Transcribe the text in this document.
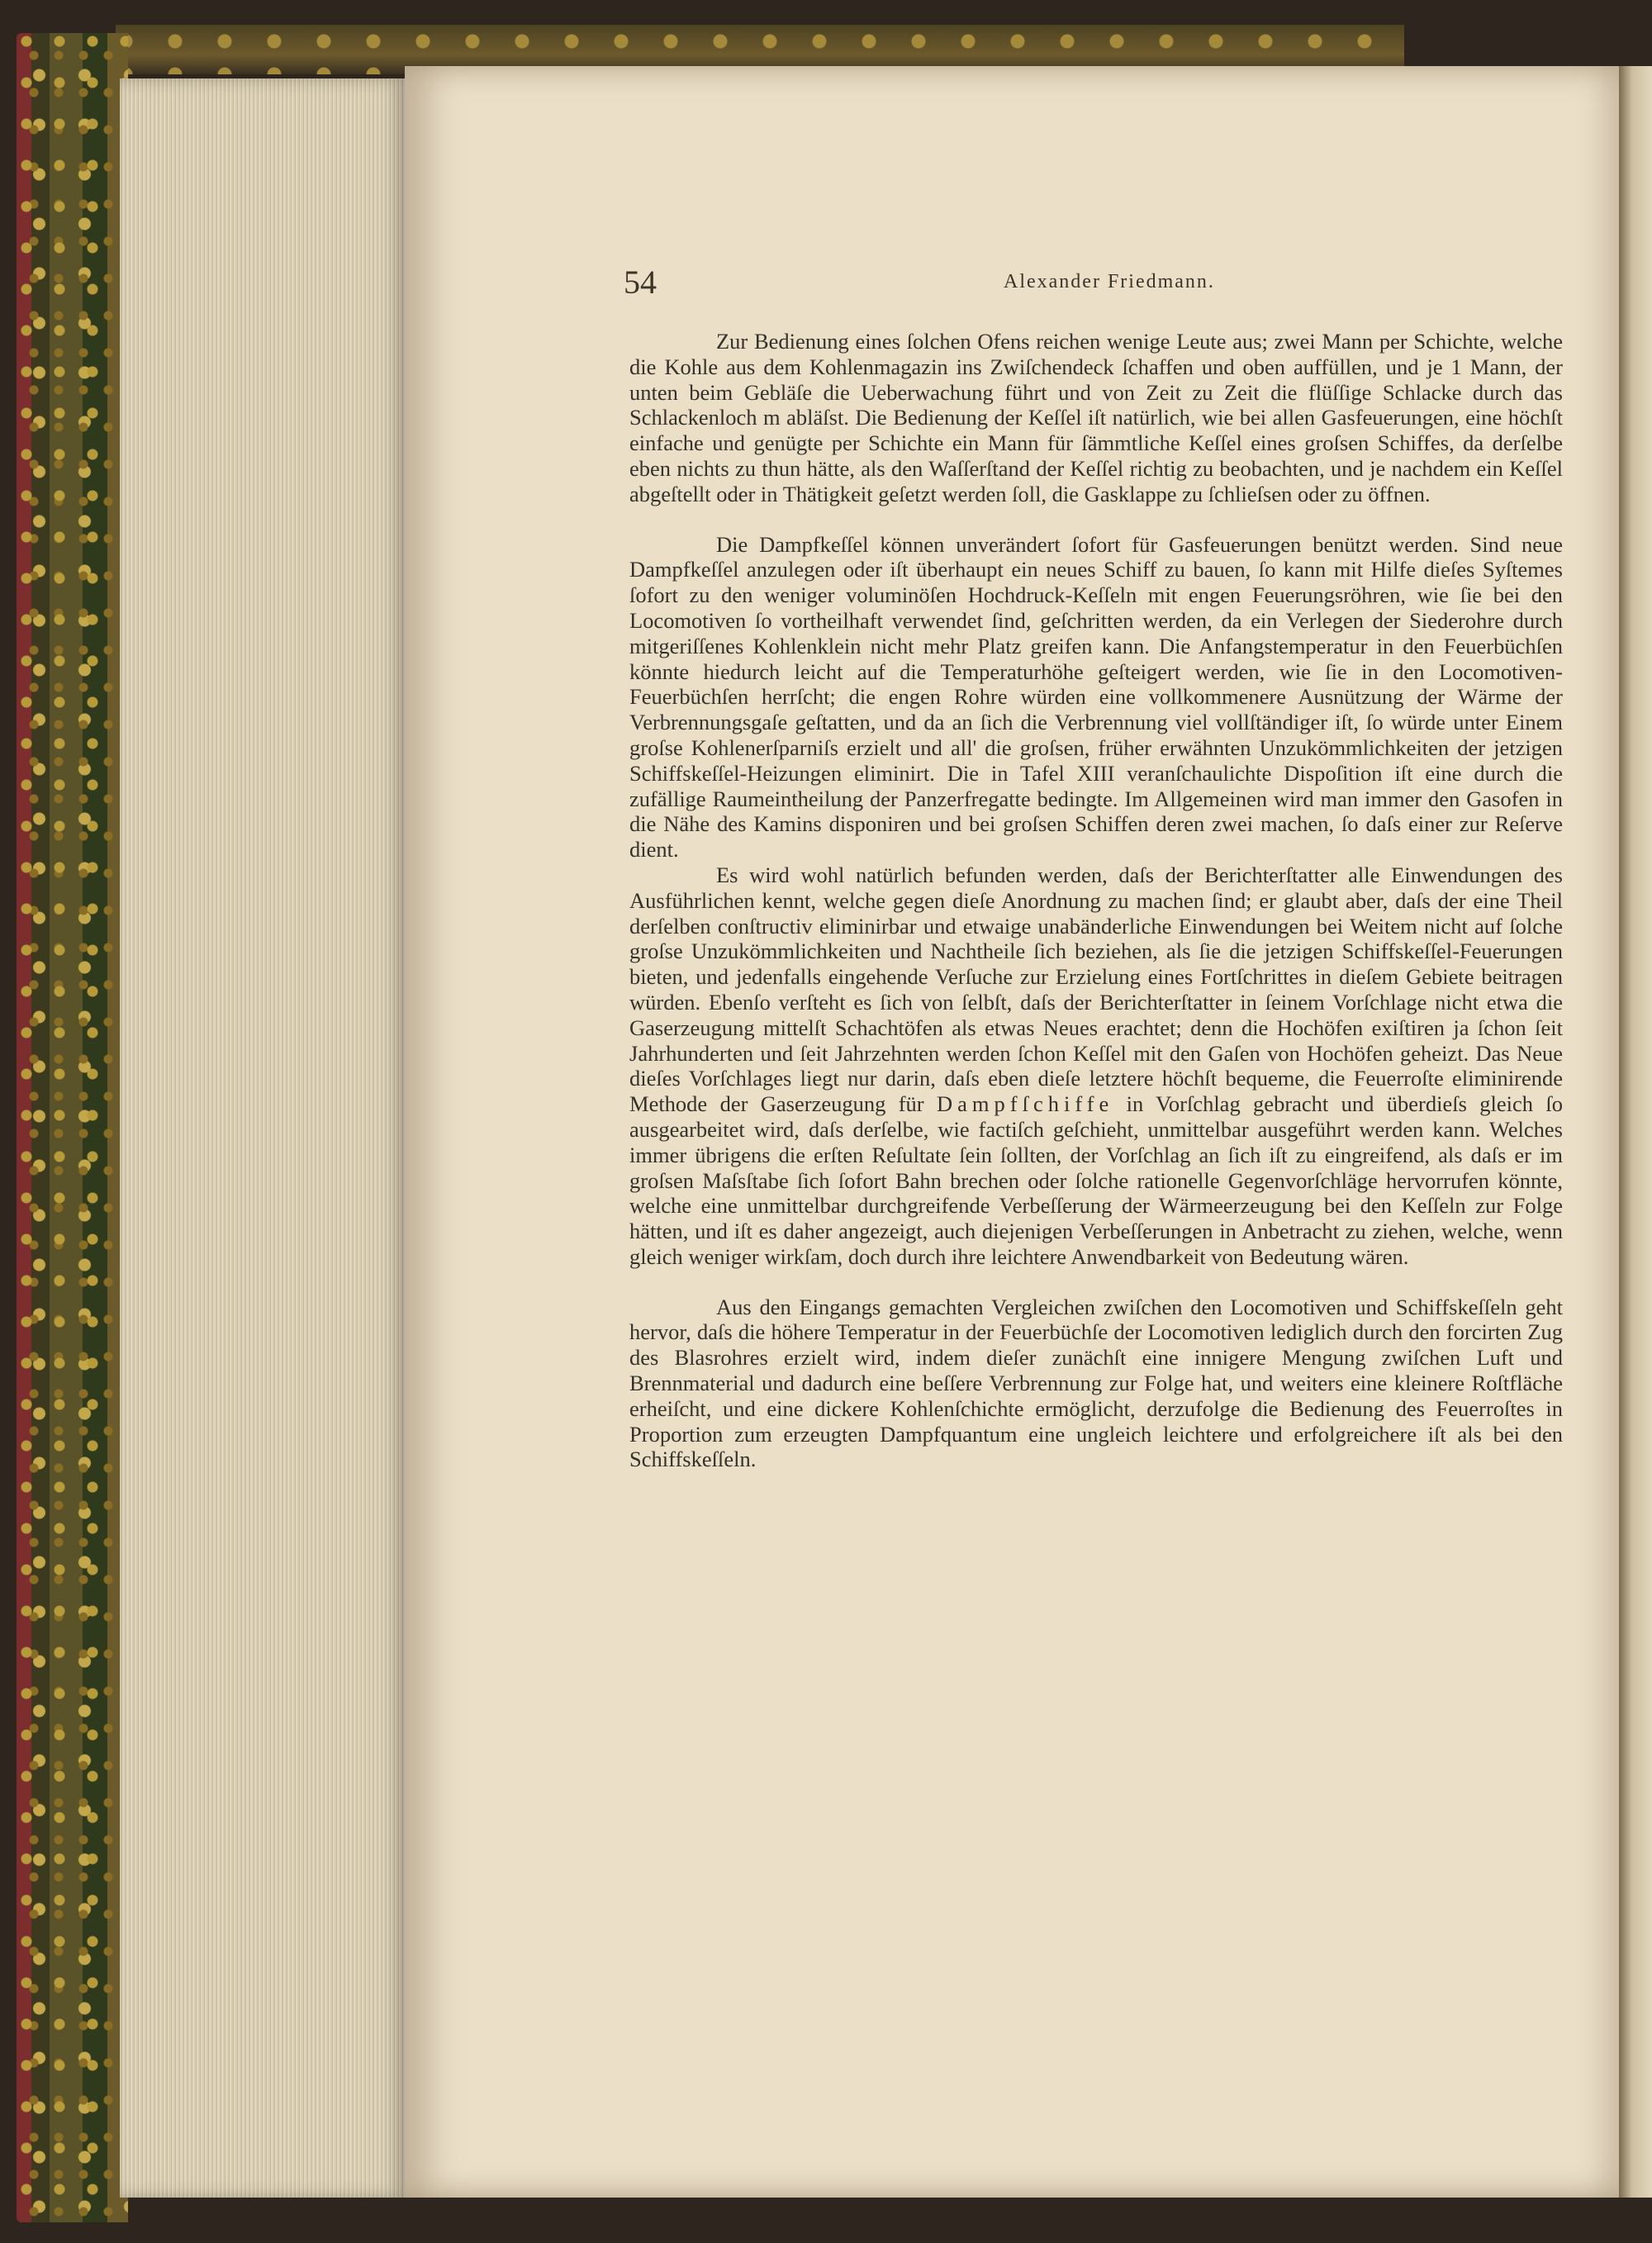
54	Alexander Friedmann.

Zur Bedienung eines ſolchen Ofens reichen wenige Leute aus; zwei Mann per Schichte, welche die Kohle aus dem Kohlenmagazin ins Zwiſchendeck ſchaffen und oben auffüllen, und je 1 Mann, der unten beim Gebläſe die Ueberwachung führt und von Zeit zu Zeit die flüſſige Schlacke durch das Schlackenloch m abläſst. Die Bedienung der Keſſel iſt natürlich, wie bei allen Gasfeuerungen, eine höchſt einfache und genügte per Schichte ein Mann für ſämmtliche Keſſel eines groſsen Schiffes, da derſelbe eben nichts zu thun hätte, als den Waſſerſtand der Keſſel richtig zu beobachten, und je nachdem ein Keſſel abgeſtellt oder in Thätigkeit geſetzt werden ſoll, die Gasklappe zu ſchlieſsen oder zu öffnen.

Die Dampfkeſſel können unverändert ſofort für Gasfeuerungen benützt werden. Sind neue Dampfkeſſel anzulegen oder iſt überhaupt ein neues Schiff zu bauen, ſo kann mit Hilfe dieſes Syſtemes ſofort zu den weniger voluminöſen Hochdruck-Keſſeln mit engen Feuerungsröhren, wie ſie bei den Locomotiven ſo vortheilhaft verwendet ſind, geſchritten werden, da ein Verlegen der Siederohre durch mitgeriſſenes Kohlenklein nicht mehr Platz greifen kann. Die Anfangstemperatur in den Feuerbüchſen könnte hiedurch leicht auf die Temperaturhöhe geſteigert werden, wie ſie in den Locomotiven-Feuerbüchſen herrſcht; die engen Rohre würden eine vollkommenere Ausnützung der Wärme der Verbrennungsgaſe geſtatten, und da an ſich die Verbrennung viel vollſtändiger iſt, ſo würde unter Einem groſse Kohlenerſparniſs erzielt und all' die groſsen, früher erwähnten Unzukömmlichkeiten der jetzigen Schiffskeſſel-Heizungen eliminirt. Die in Tafel XIII veranſchaulichte Dispoſition iſt eine durch die zufällige Raumeintheilung der Panzerfregatte bedingte. Im Allgemeinen wird man immer den Gasofen in die Nähe des Kamins disponiren und bei groſsen Schiffen deren zwei machen, ſo daſs einer zur Reſerve dient.

Es wird wohl natürlich befunden werden, daſs der Berichterſtatter alle Einwendungen des Ausführlichen kennt, welche gegen dieſe Anordnung zu machen ſind; er glaubt aber, daſs der eine Theil derſelben conſtructiv eliminirbar und etwaige unabänderliche Einwendungen bei Weitem nicht auf ſolche groſse Unzukömmlichkeiten und Nachtheile ſich beziehen, als ſie die jetzigen Schiffskeſſel-Feuerungen bieten, und jedenfalls eingehende Verſuche zur Erzielung eines Fortſchrittes in dieſem Gebiete beitragen würden. Ebenſo verſteht es ſich von ſelbſt, daſs der Berichterſtatter in ſeinem Vorſchlage nicht etwa die Gaserzeugung mittelſt Schachtöfen als etwas Neues erachtet; denn die Hochöfen exiſtiren ja ſchon ſeit Jahrhunderten und ſeit Jahrzehnten werden ſchon Keſſel mit den Gaſen von Hochöfen geheizt. Das Neue dieſes Vorſchlages liegt nur darin, daſs eben dieſe letztere höchſt bequeme, die Feuerroſte eliminirende Methode der Gaserzeugung für Dampfſchiffe in Vorſchlag gebracht und überdieſs gleich ſo ausgearbeitet wird, daſs derſelbe, wie factiſch geſchieht, unmittelbar ausgeführt werden kann. Welches immer übrigens die erſten Reſultate ſein ſollten, der Vorſchlag an ſich iſt zu eingreifend, als daſs er im groſsen Maſsſtabe ſich ſofort Bahn brechen oder ſolche rationelle Gegenvorſchläge hervorrufen könnte, welche eine unmittelbar durchgreifende Verbeſſerung der Wärmeerzeugung bei den Keſſeln zur Folge hätten, und iſt es daher angezeigt, auch diejenigen Verbeſſerungen in Anbetracht zu ziehen, welche, wenn gleich weniger wirkſam, doch durch ihre leichtere Anwendbarkeit von Bedeutung wären.

Aus den Eingangs gemachten Vergleichen zwiſchen den Locomotiven und Schiffskeſſeln geht hervor, daſs die höhere Temperatur in der Feuerbüchſe der Locomotiven lediglich durch den forcirten Zug des Blasrohres erzielt wird, indem dieſer zunächſt eine innigere Mengung zwiſchen Luft und Brennmaterial und dadurch eine beſſere Verbrennung zur Folge hat, und weiters eine kleinere Roſtfläche erheiſcht, und eine dickere Kohlenſchichte ermöglicht, derzufolge die Bedienung des Feuerroſtes in Proportion zum erzeugten Dampfquantum eine ungleich leichtere und erfolgreichere iſt als bei den Schiffskeſſeln.
